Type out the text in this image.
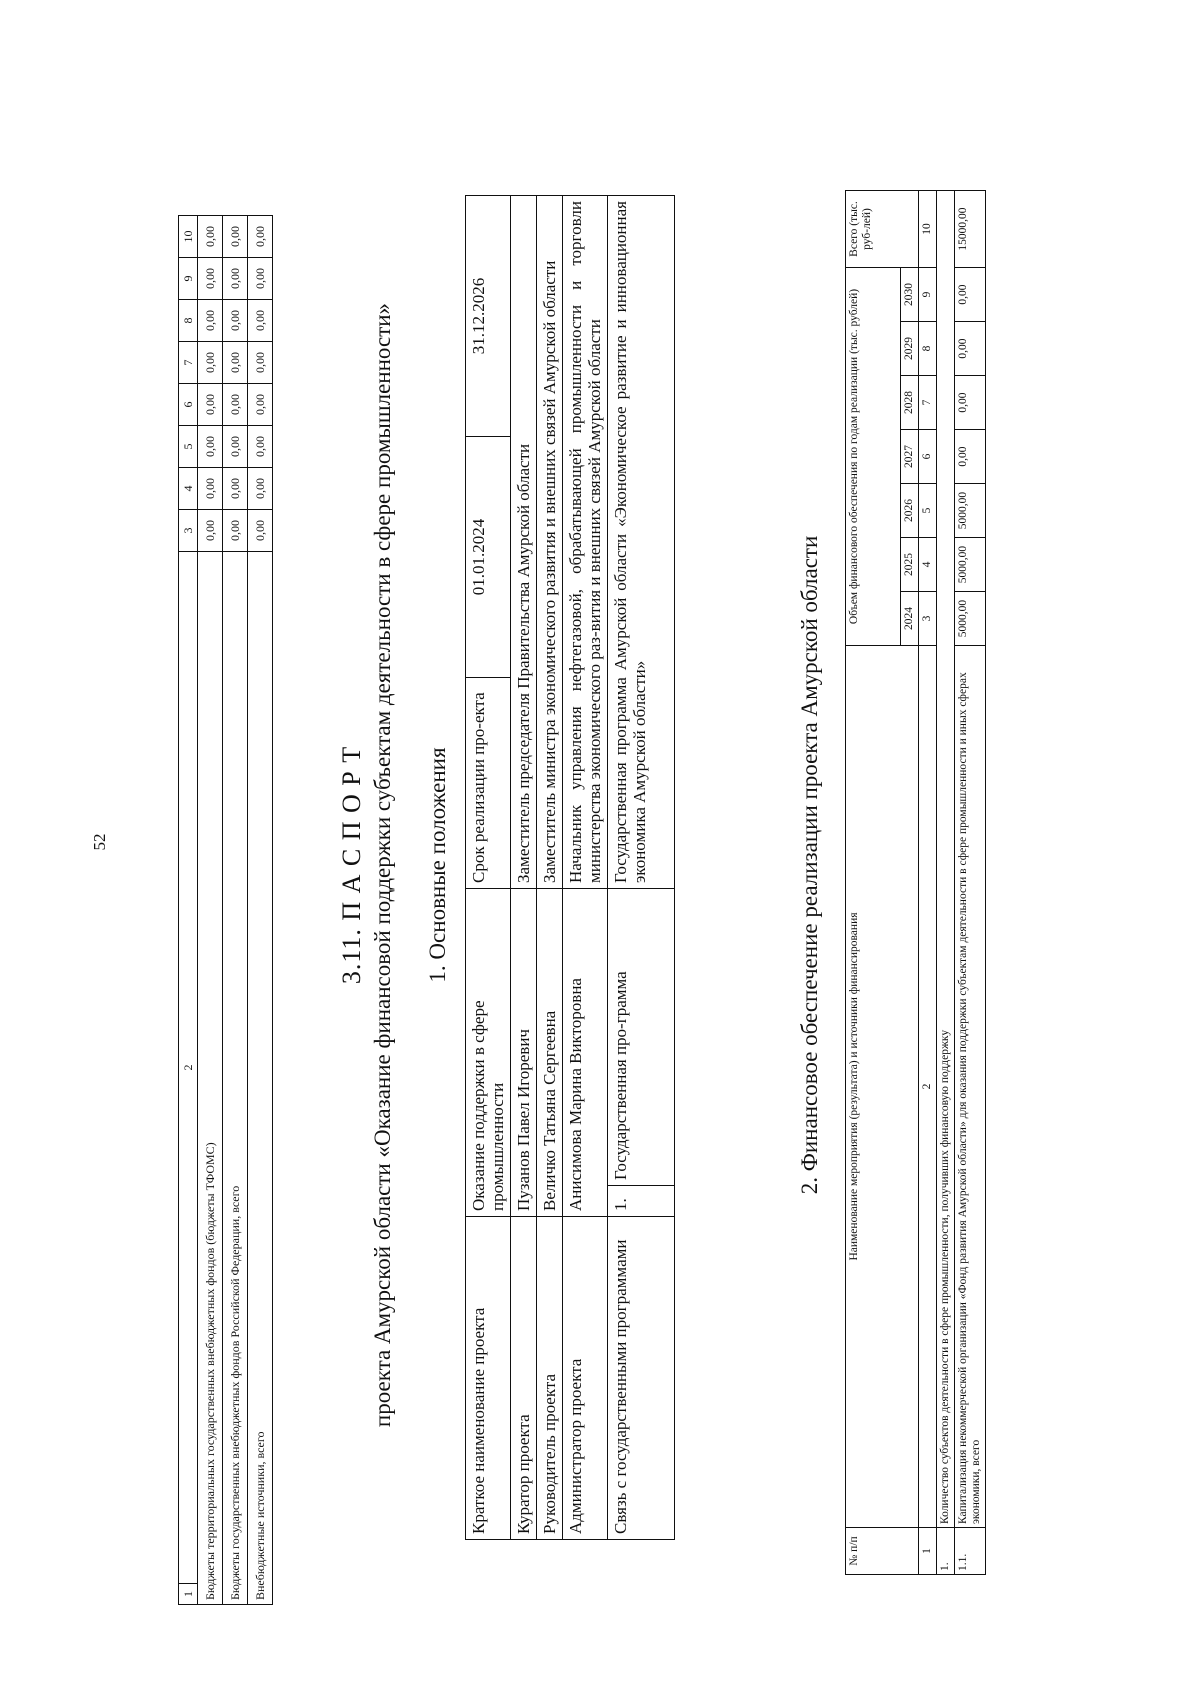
52
1	2	3	4	5	6	7	8	9	10
Бюджеты территориальных государственных внебюджетных фондов (бюджеты ТФОМС)		0,00	0,00	0,00	0,00	0,00	0,00	0,00	0,00
Бюджеты государственных внебюджетных фондов Российской Федерации, всего		0,00	0,00	0,00	0,00	0,00	0,00	0,00	0,00
Внебюджетные источники, всего		0,00	0,00	0,00	0,00	0,00	0,00	0,00	0,00
3.11. П А С П О Р Т проекта Амурской области «Оказание финансовой поддержки субъектам деятельности в сфере промышленности» 1. Основные положения
Краткое наименование проекта	Оказание поддержки в сфере промышленности		Срок реализации про-екта	01.01.2024	31.12.2026
Куратор проекта	Пузанов Павел Игоревич		Заместитель председателя Правительства Амурской области		
Руководитель проекта	Величко Татьяна Сергеевна		Заместитель министра экономического развития и внешних связей Амурской области		
Администратор проекта	Анисимова Марина Викторовна		Начальник управления нефтегазовой, обрабатывающей промышленности и торговли министерства экономического раз-вития и внешних связей Амурской области		
Связь с государственными программами	1.	Государственная про-грамма	Государственная программа Амурской области «Экономическое развитие и инновационная экономика Амурской области»			2. Финансовое обеспечение реализации проекта Амурской области
№ п/п	Наименование мероприятия (результата) и источники финансирования	Объем финансового обеспечения по годам реализации (тыс. рублей)							Всего (тыс. руб-лей)
		2024	2025	2026	2027	2028	2029	2030	
1	2	3	4	5	6	7	8	9	10
1.	Количество субъектов деятельности в сфере промышленности, получивших финансовую поддержку								
1.1.	Капитализация некоммерческой организации «Фонд развития Амурской области» для оказания поддержки субъектам деятельности в сфере промышленности и иных сферах экономики, всего	5000,00	5000,00	5000,00	0,00	0,00	0,00	0,00	15000,00
